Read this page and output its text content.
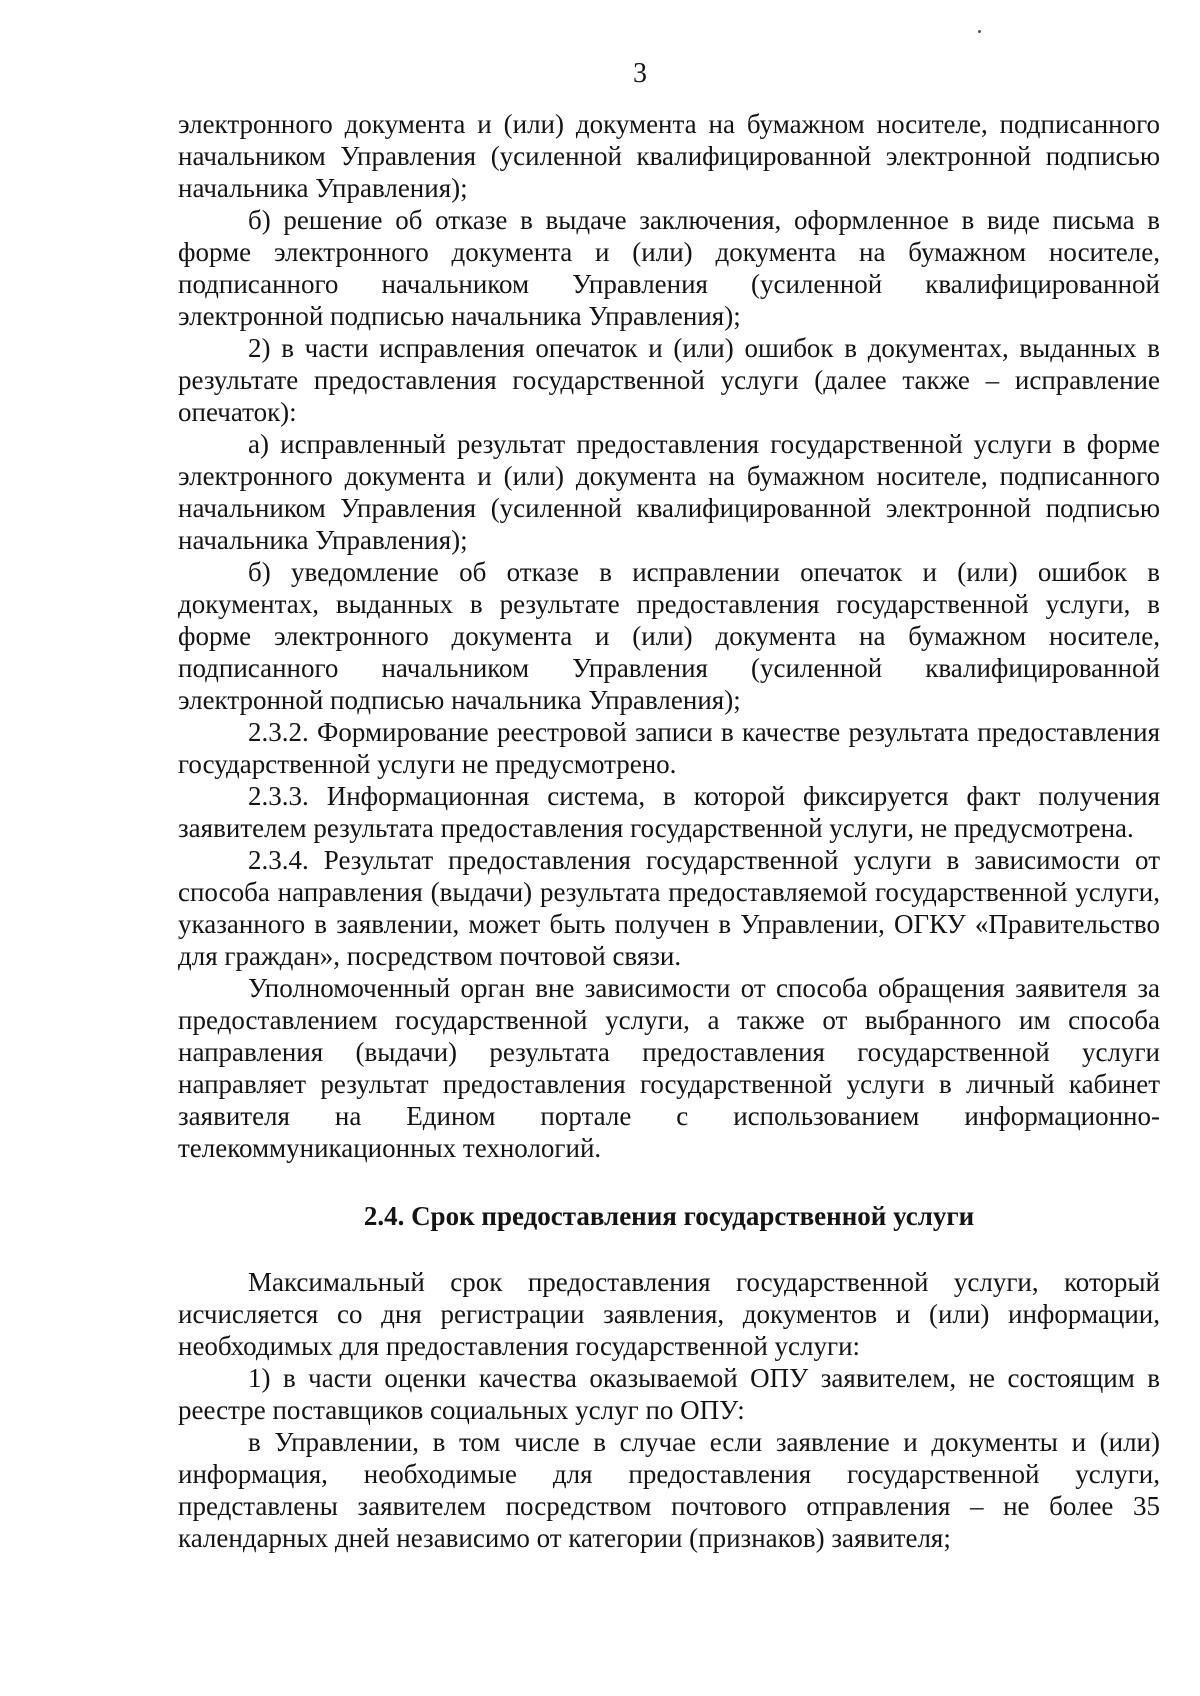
3

электронного документа и (или) документа на бумажном носителе, подписанного начальником Управления (усиленной квалифицированной электронной подписью начальника Управления);

б) решение об отказе в выдаче заключения, оформленное в виде письма в форме электронного документа и (или) документа на бумажном носителе, подписанного начальником Управления (усиленной квалифицированной электронной подписью начальника Управления);

2) в части исправления опечаток и (или) ошибок в документах, выданных в результате предоставления государственной услуги (далее также – исправление опечаток):

а) исправленный результат предоставления государственной услуги в форме электронного документа и (или) документа на бумажном носителе, подписанного начальником Управления (усиленной квалифицированной электронной подписью начальника Управления);

б) уведомление об отказе в исправлении опечаток и (или) ошибок в документах, выданных в результате предоставления государственной услуги, в форме электронного документа и (или) документа на бумажном носителе, подписанного начальником Управления (усиленной квалифицированной электронной подписью начальника Управления);

2.3.2. Формирование реестровой записи в качестве результата предоставления государственной услуги не предусмотрено.

2.3.3. Информационная система, в которой фиксируется факт получения заявителем результата предоставления государственной услуги, не предусмотрена.

2.3.4. Результат предоставления государственной услуги в зависимости от способа направления (выдачи) результата предоставляемой государственной услуги, указанного в заявлении, может быть получен в Управлении, ОГКУ «Правительство для граждан», посредством почтовой связи.

Уполномоченный орган вне зависимости от способа обращения заявителя за предоставлением государственной услуги, а также от выбранного им способа направления (выдачи) результата предоставления государственной услуги направляет результат предоставления государственной услуги в личный кабинет заявителя на Едином портале с использованием информационно-телекоммуникационных технологий.

2.4. Срок предоставления государственной услуги

Максимальный срок предоставления государственной услуги, который исчисляется со дня регистрации заявления, документов и (или) информации, необходимых для предоставления государственной услуги:

1) в части оценки качества оказываемой ОПУ заявителем, не состоящим в реестре поставщиков социальных услуг по ОПУ:

в Управлении, в том числе в случае если заявление и документы и (или) информация, необходимые для предоставления государственной услуги, представлены заявителем посредством почтового отправления – не более 35 календарных дней независимо от категории (признаков) заявителя;
